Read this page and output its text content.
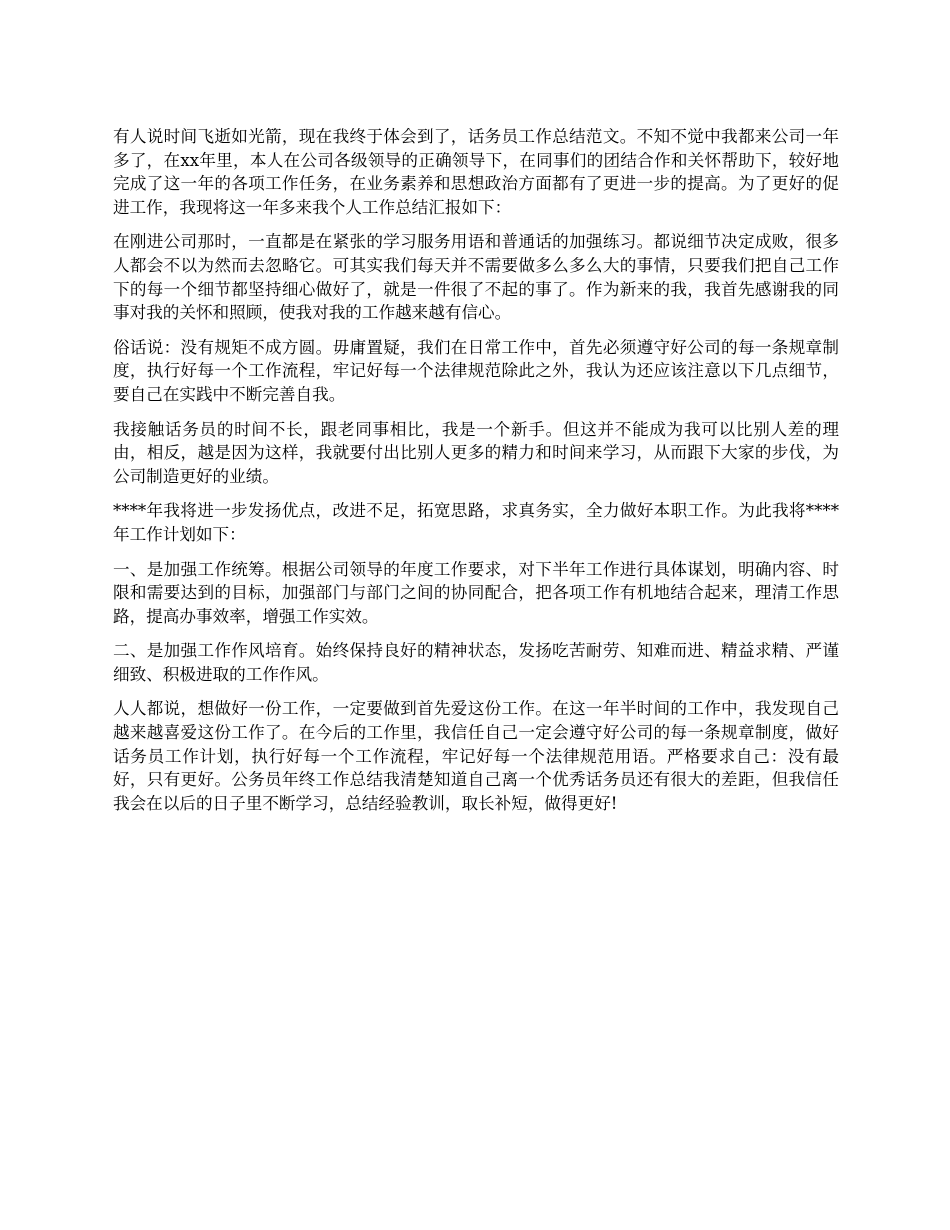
有人说时间飞逝如光箭，现在我终于体会到了，话务员工作总结范文。不知不觉中我都来公司一年多了，在xx年里，本人在公司各级领导的正确领导下，在同事们的团结合作和关怀帮助下，较好地完成了这一年的各项工作任务，在业务素养和思想政治方面都有了更进一步的提高。为了更好的促进工作，我现将这一年多来我个人工作总结汇报如下：

在刚进公司那时，一直都是在紧张的学习服务用语和普通话的加强练习。都说细节决定成败，很多人都会不以为然而去忽略它。可其实我们每天并不需要做多么多么大的事情，只要我们把自己工作下的每一个细节都坚持细心做好了，就是一件很了不起的事了。作为新来的我，我首先感谢我的同事对我的关怀和照顾，使我对我的工作越来越有信心。

俗话说：没有规矩不成方圆。毋庸置疑，我们在日常工作中，首先必须遵守好公司的每一条规章制度，执行好每一个工作流程，牢记好每一个法律规范除此之外，我认为还应该注意以下几点细节，要自己在实践中不断完善自我。

我接触话务员的时间不长，跟老同事相比，我是一个新手。但这并不能成为我可以比别人差的理由，相反，越是因为这样，我就要付出比别人更多的精力和时间来学习，从而跟下大家的步伐，为公司制造更好的业绩。

****年我将进一步发扬优点，改进不足，拓宽思路，求真务实，全力做好本职工作。为此我将****年工作计划如下：

一、是加强工作统筹。根据公司领导的年度工作要求，对下半年工作进行具体谋划，明确内容、时限和需要达到的目标，加强部门与部门之间的协同配合，把各项工作有机地结合起来，理清工作思路，提高办事效率，增强工作实效。

二、是加强工作作风培育。始终保持良好的精神状态，发扬吃苦耐劳、知难而进、精益求精、严谨细致、积极进取的工作作风。

人人都说，想做好一份工作，一定要做到首先爱这份工作。在这一年半时间的工作中，我发现自己越来越喜爱这份工作了。在今后的工作里，我信任自己一定会遵守好公司的每一条规章制度，做好话务员工作计划，执行好每一个工作流程，牢记好每一个法律规范用语。严格要求自己：没有最好，只有更好。公务员年终工作总结我清楚知道自己离一个优秀话务员还有很大的差距，但我信任我会在以后的日子里不断学习，总结经验教训，取长补短，做得更好!
